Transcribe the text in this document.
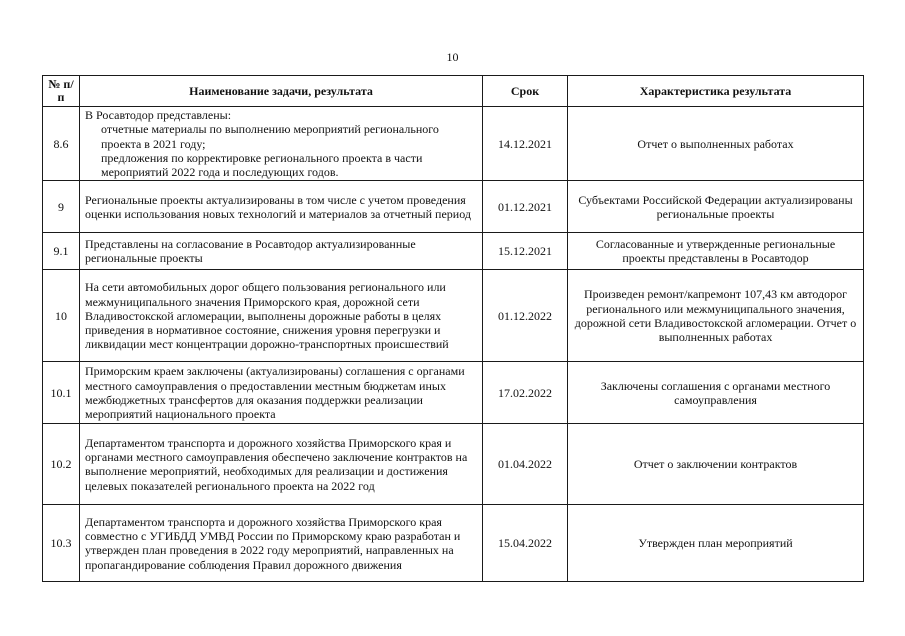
10
№ п/п	Наименование задачи, результата	Срок	Характеристика результата
8.6	В Росавтодор представлены:
отчетные материалы по выполнению мероприятий регионального проекта в 2021 году;
предложения по корректировке регионального проекта в части мероприятий 2022 года и последующих годов.	14.12.2021	Отчет о выполненных работах
9	Региональные проекты актуализированы в том числе с учетом проведения оценки использования новых технологий и материалов за отчетный период	01.12.2021	Субъектами Российской Федерации актуализированы региональные проекты
9.1	Представлены на согласование в Росавтодор актуализированные региональные проекты	15.12.2021	Согласованные и утвержденные региональные проекты представлены в Росавтодор
10	На сети автомобильных дорог общего пользования регионального или межмуниципального значения Приморского края, дорожной сети Владивостокской агломерации, выполнены дорожные работы в целях приведения в нормативное состояние, снижения уровня перегрузки и ликвидации мест концентрации дорожно-транспортных происшествий	01.12.2022	Произведен ремонт/капремонт 107,43 км автодорог регионального или межмуниципального значения, дорожной сети Владивостокской агломерации. Отчет о выполненных работах
10.1	Приморским краем заключены (актуализированы) соглашения с органами местного самоуправления о предоставлении местным бюджетам иных межбюджетных трансфертов для оказания поддержки реализации мероприятий национального проекта	17.02.2022	Заключены соглашения с органами местного самоуправления
10.2	Департаментом транспорта и дорожного хозяйства Приморского края и органами местного самоуправления обеспечено заключение контрактов на выполнение мероприятий, необходимых для реализации и достижения целевых показателей регионального проекта на 2022 год	01.04.2022	Отчет о заключении контрактов
10.3	Департаментом транспорта и дорожного хозяйства Приморского края совместно с УГИБДД УМВД России по Приморскому краю разработан и утвержден план проведения в 2022 году мероприятий, направленных на пропагандирование соблюдения Правил дорожного движения	15.04.2022	Утвержден план мероприятий
